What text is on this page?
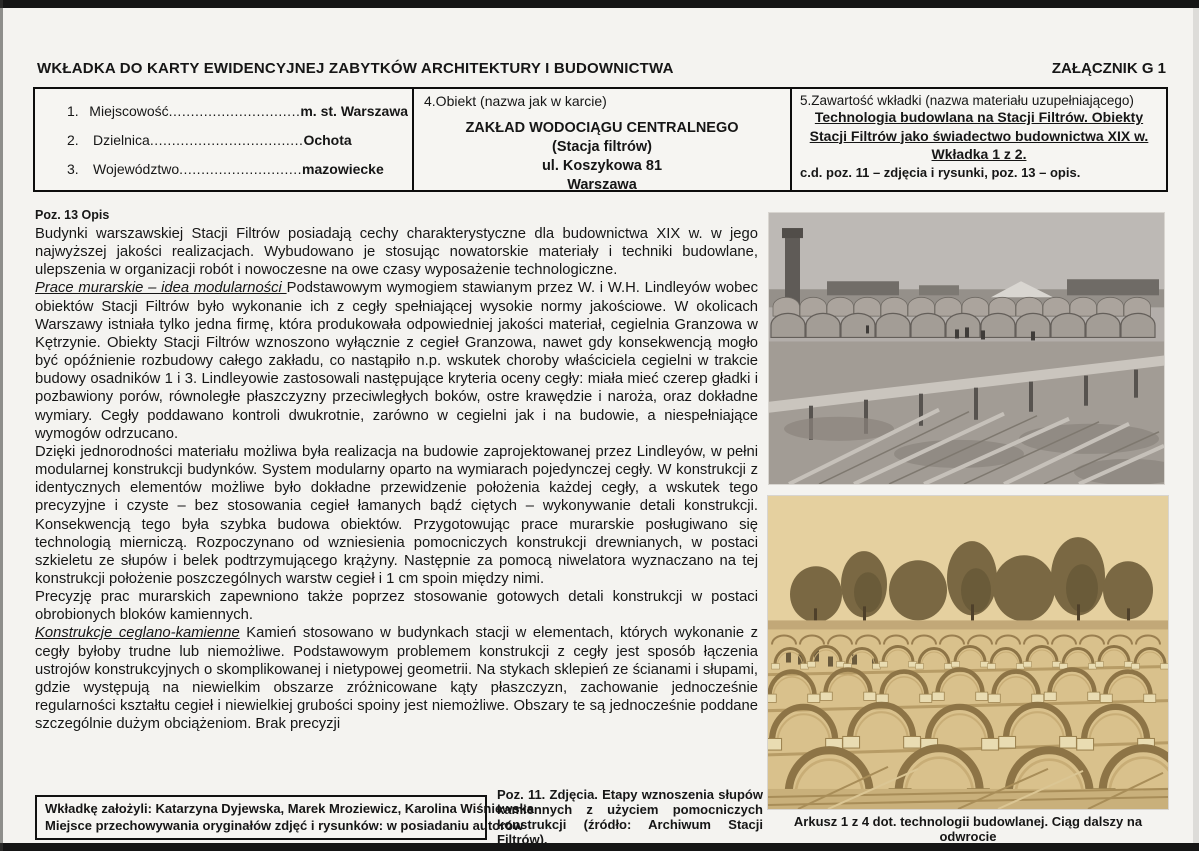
WKŁADKA DO KARTY EWIDENCYJNEJ ZABYTKÓW ARCHITEKTURY I BUDOWNICTWA	ZAŁĄCZNIK G 1
1. Miejscowość .............................. m. st. Warszawa
2.	Dzielnica ................................... Ochota
3.	Województwo ............................ mazowiecke
4.Obiekt (nazwa jak w karcie)
ZAKŁAD WODOCIĄGU CENTRALNEGO
(Stacja filtrów)
ul. Koszykowa 81
Warszawa
5.Zawartość wkładki (nazwa materiału uzupełniającego)
Technologia budowlana na Stacji Filtrów. Obiekty
Stacji Filtrów jako świadectwo budownictwa XIX w.
Wkładka 1 z 2.
c.d. poz. 11 – zdjęcia i rysunki, poz. 13 – opis.
Poz. 13 Opis

Budynki warszawskiej Stacji Filtrów posiadają cechy charakterystyczne dla budownictwa XIX w. w jego najwyższej jakości realizacjach. Wybudowano je stosując nowatorskie materiały i techniki budowlane, ulepszenia w organizacji robót i nowoczesne na owe czasy wyposażenie technologiczne.

Prace murarskie – idea modularności Podstawowym wymogiem stawianym przez W. i W.H. Lindleyów wobec obiektów Stacji Filtrów było wykonanie ich z cegły spełniającej wysokie normy jakościowe. W okolicach Warszawy istniała tylko jedna firmę, która produkowała odpowiedniej jakości materiał, cegielnia Granzowa w Kętrzynie. Obiekty Stacji Filtrów wznoszono wyłącznie z cegieł Granzowa, nawet gdy konsekwencją mogło być opóźnienie rozbudowy całego zakładu, co nastąpiło n.p. wskutek choroby właściciela cegielni w trakcie budowy osadników 1 i 3. Lindleyowie zastosowali następujące kryteria oceny cegły: miała mieć czerep gładki i pozbawiony porów, równoległe płaszczyzny przeciwległych boków, ostre krawędzie i naroża, oraz dokładne wymiary. Cegły poddawano kontroli dwukrotnie, zarówno w cegielni jak i na budowie, a niespełniające wymogów odrzucano.

Dzięki jednorodności materiału możliwa była realizacja na budowie zaprojektowanej przez Lindleyów, w pełni modularnej konstrukcji budynków. System modularny oparto na wymiarach pojedynczej cegły. W konstrukcji z identycznych elementów możliwe było dokładne przewidzenie położenia każdej cegły, a wskutek tego precyzyjne i czyste – bez stosowania cegieł łamanych bądź ciętych – wykonywanie detali konstrukcji. Konsekwencją tego była szybka budowa obiektów. Przygotowując prace murarskie posługiwano się technologią mierniczą. Rozpoczynano od wzniesienia pomocniczych konstrukcji drewnianych, w postaci szkieletu ze słupów i belek podtrzymującego krążyny. Następnie za pomocą niwelatora wyznaczano na tej konstrukcji położenie poszczególnych warstw cegieł i 1 cm spoin między nimi.

Precyzję prac murarskich zapewniono także poprzez stosowanie gotowych detali konstrukcji w postaci obrobionych bloków kamiennych.

Konstrukcje ceglano-kamienne Kamień stosowano w budynkach stacji w elementach, których wykonanie z cegły byłoby trudne lub niemożliwe. Podstawowym problemem konstrukcji z cegły jest sposób łączenia ustrojów konstrukcyjnych o skomplikowanej i nietypowej geometrii. Na stykach sklepień ze ścianami i słupami, gdzie występują na niewielkim obszarze zróżnicowane kąty płaszczyzn, zachowanie jednocześnie regularności kształtu cegieł i niewielkiej grubości spoiny jest niemożliwe. Obszary te są jednocześnie poddane szczególnie dużym obciążeniom. Brak precyzji

Poz. 11. Zdjęcia. Etapy wznoszenia słupów kamiennych z użyciem pomocniczych konstrukcji (źródło: Archiwum Stacji Filtrów).
Wkładkę założyli: Katarzyna Dyjewska, Marek Mroziewicz, Karolina Wiśniewska
Miejsce przechowywania oryginałów zdjęć i rysunków: w posiadaniu autorów	Arkusz 1 z 4 dot. technologii budowlanej. Ciąg dalszy na odwrocie
